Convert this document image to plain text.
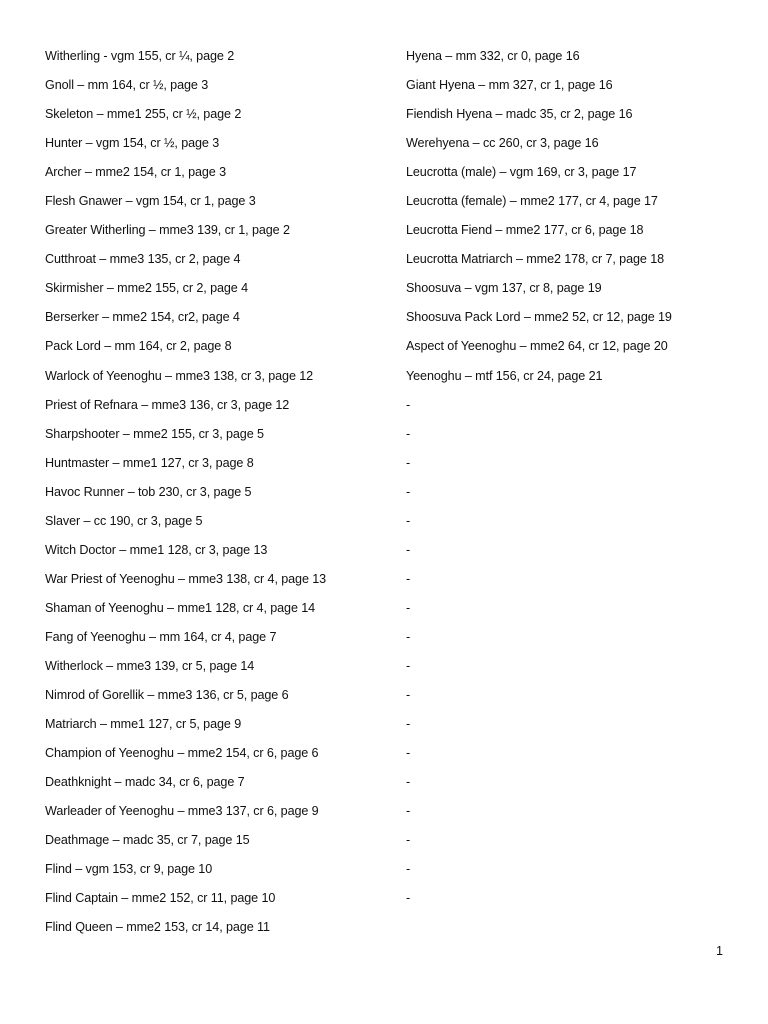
Witherling - vgm 155, cr ¼, page 2
Gnoll – mm 164, cr ½, page 3
Skeleton – mme1 255, cr ½, page 2
Hunter – vgm 154, cr ½, page 3
Archer – mme2 154, cr 1, page 3
Flesh Gnawer – vgm 154, cr 1, page 3
Greater Witherling – mme3 139, cr 1, page 2
Cutthroat – mme3 135, cr 2, page 4
Skirmisher – mme2 155, cr 2, page 4
Berserker – mme2 154, cr2, page 4
Pack Lord – mm 164, cr 2, page 8
Warlock of Yeenoghu – mme3 138, cr 3, page 12
Priest of Refnara – mme3 136, cr 3, page 12
Sharpshooter – mme2 155, cr 3, page 5
Huntmaster – mme1 127, cr 3, page 8
Havoc Runner – tob 230, cr 3, page 5
Slaver – cc 190, cr 3, page 5
Witch Doctor – mme1 128, cr 3, page 13
War Priest of Yeenoghu – mme3 138, cr 4, page 13
Shaman of Yeenoghu – mme1 128, cr 4, page 14
Fang of Yeenoghu – mm 164, cr 4, page 7
Witherlock – mme3 139, cr 5, page 14
Nimrod of Gorellik – mme3 136, cr 5, page 6
Matriarch – mme1 127, cr 5, page 9
Champion of Yeenoghu – mme2 154, cr 6, page 6
Deathknight – madc 34, cr 6, page 7
Warleader of Yeenoghu – mme3 137, cr 6, page 9
Deathmage – madc 35, cr 7, page 15
Flind – vgm 153, cr 9, page 10
Flind Captain – mme2 152, cr 11, page 10
Flind Queen – mme2 153, cr 14, page 11
Hyena – mm 332, cr 0, page 16
Giant Hyena – mm 327, cr 1, page 16
Fiendish Hyena – madc 35, cr 2, page 16
Werehyena – cc 260, cr 3, page 16
Leucrotta (male) – vgm 169, cr 3, page 17
Leucrotta (female) – mme2 177, cr 4, page 17
Leucrotta Fiend – mme2 177, cr 6, page 18
Leucrotta Matriarch – mme2 178, cr 7, page 18
Shoosuva – vgm 137, cr 8, page 19
Shoosuva Pack Lord – mme2 52, cr 12, page 19
Aspect of Yeenoghu – mme2 64, cr 12, page 20
Yeenoghu – mtf 156, cr 24, page 21
-
-
-
-
-
-
-
-
-
-
-
-
-
-
-
-
-
-
1
